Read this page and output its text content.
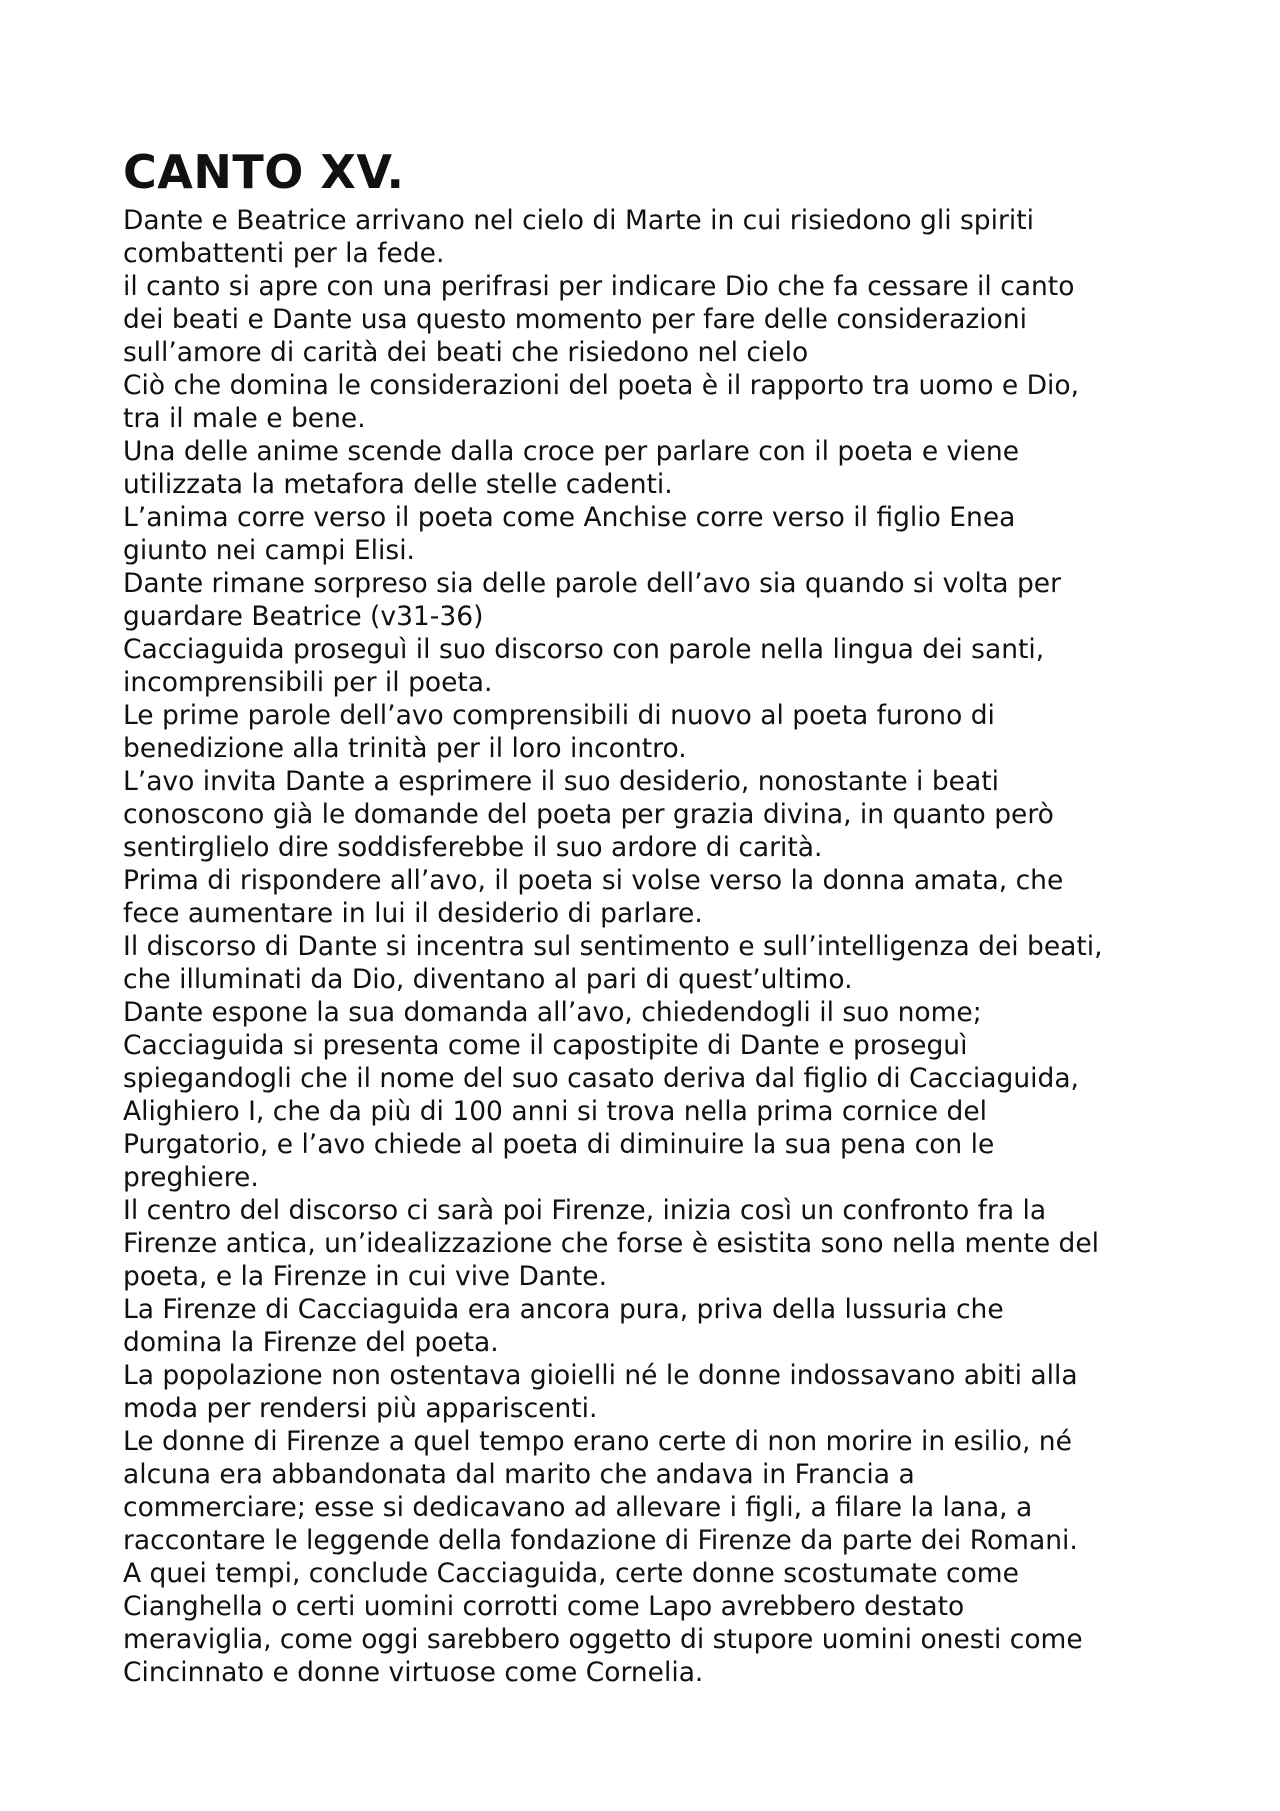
CANTO XV.
Dante e Beatrice arrivano nel cielo di Marte in cui risiedono gli spiriti
combattenti per la fede.
il canto si apre con una perifrasi per indicare Dio che fa cessare il canto
dei beati e Dante usa questo momento per fare delle considerazioni
sull’amore di carità dei beati che risiedono nel cielo
Ciò che domina le considerazioni del poeta è il rapporto tra uomo e Dio,
tra il male e bene.
Una delle anime scende dalla croce per parlare con il poeta e viene
utilizzata la metafora delle stelle cadenti.
L’anima corre verso il poeta come Anchise corre verso il figlio Enea
giunto nei campi Elisi.
Dante rimane sorpreso sia delle parole dell’avo sia quando si volta per
guardare Beatrice (v31-36)
Cacciaguida proseguì il suo discorso con parole nella lingua dei santi,
incomprensibili per il poeta.
Le prime parole dell’avo comprensibili di nuovo al poeta furono di
benedizione alla trinità per il loro incontro.
L’avo invita Dante a esprimere il suo desiderio, nonostante i beati
conoscono già le domande del poeta per grazia divina, in quanto però
sentirglielo dire soddisferebbe il suo ardore di carità.
Prima di rispondere all’avo, il poeta si volse verso la donna amata, che
fece aumentare in lui il desiderio di parlare.
Il discorso di Dante si incentra sul sentimento e sull’intelligenza dei beati,
che illuminati da Dio, diventano al pari di quest’ultimo.
Dante espone la sua domanda all’avo, chiedendogli il suo nome;
Cacciaguida si presenta come il capostipite di Dante e proseguì
spiegandogli che il nome del suo casato deriva dal figlio di Cacciaguida,
Alighiero I, che da più di 100 anni si trova nella prima cornice del
Purgatorio, e l’avo chiede al poeta di diminuire la sua pena con le
preghiere.
Il centro del discorso ci sarà poi Firenze, inizia così un confronto fra la
Firenze antica, un’idealizzazione che forse è esistita sono nella mente del
poeta, e la Firenze in cui vive Dante.
La Firenze di Cacciaguida era ancora pura, priva della lussuria che
domina la Firenze del poeta.
La popolazione non ostentava gioielli né le donne indossavano abiti alla
moda per rendersi più appariscenti.
Le donne di Firenze a quel tempo erano certe di non morire in esilio, né
alcuna era abbandonata dal marito che andava in Francia a
commerciare; esse si dedicavano ad allevare i figli, a filare la lana, a
raccontare le leggende della fondazione di Firenze da parte dei Romani.
A quei tempi, conclude Cacciaguida, certe donne scostumate come
Cianghella o certi uomini corrotti come Lapo avrebbero destato
meraviglia, come oggi sarebbero oggetto di stupore uomini onesti come
Cincinnato e donne virtuose come Cornelia.
